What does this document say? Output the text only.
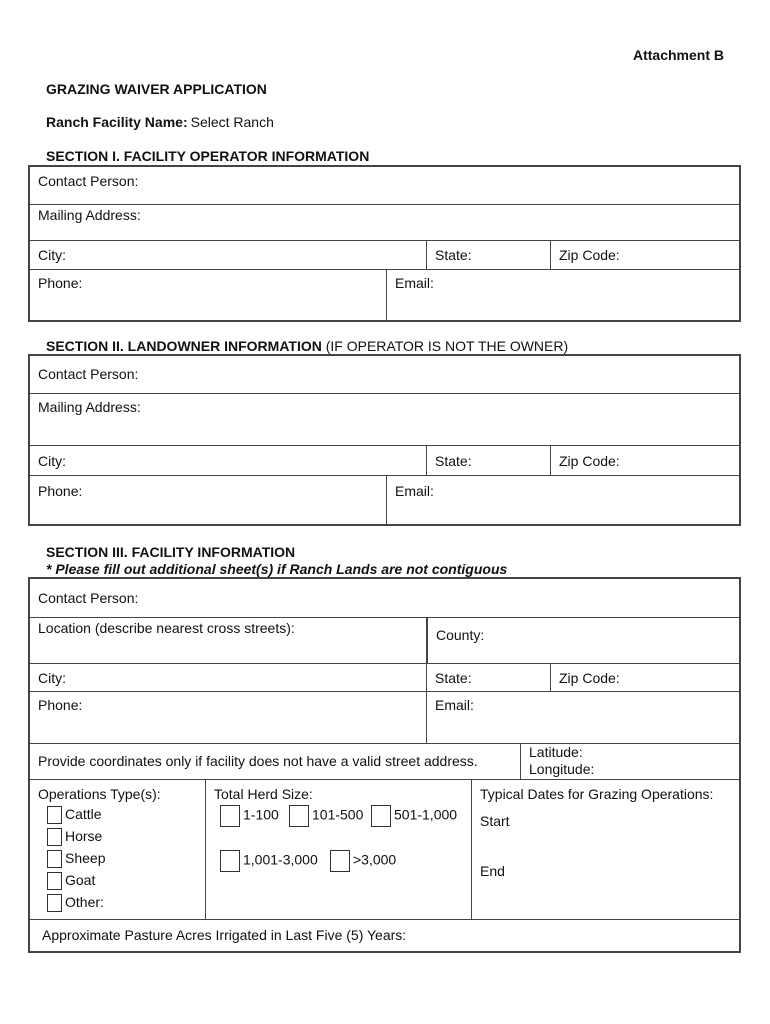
Attachment B
GRAZING WAIVER APPLICATION
Ranch Facility Name: Select Ranch
SECTION I. FACILITY OPERATOR INFORMATION
Contact Person:
Mailing Address:
City:	State:	Zip Code:
Phone:	Email:
SECTION II. LANDOWNER INFORMATION (IF OPERATOR IS NOT THE OWNER)
Contact Person:
Mailing Address:
City:	State:	Zip Code:
Phone:	Email:
SECTION III. FACILITY INFORMATION
* Please fill out additional sheet(s) if Ranch Lands are not contiguous
Contact Person:
Location (describe nearest cross streets):	County:
City:	State:	Zip Code:
Phone:	Email:
Provide coordinates only if facility does not have a valid street address.
Latitude:
Longitude:
Operations Type(s):
Cattle
Horse
Sheep
Goat
Other:
Total Herd Size:
1-100	101-500	501-1,000
1,001-3,000	>3,000
Typical Dates for Grazing Operations:
Start
End
Approximate Pasture Acres Irrigated in Last Five (5) Years:
